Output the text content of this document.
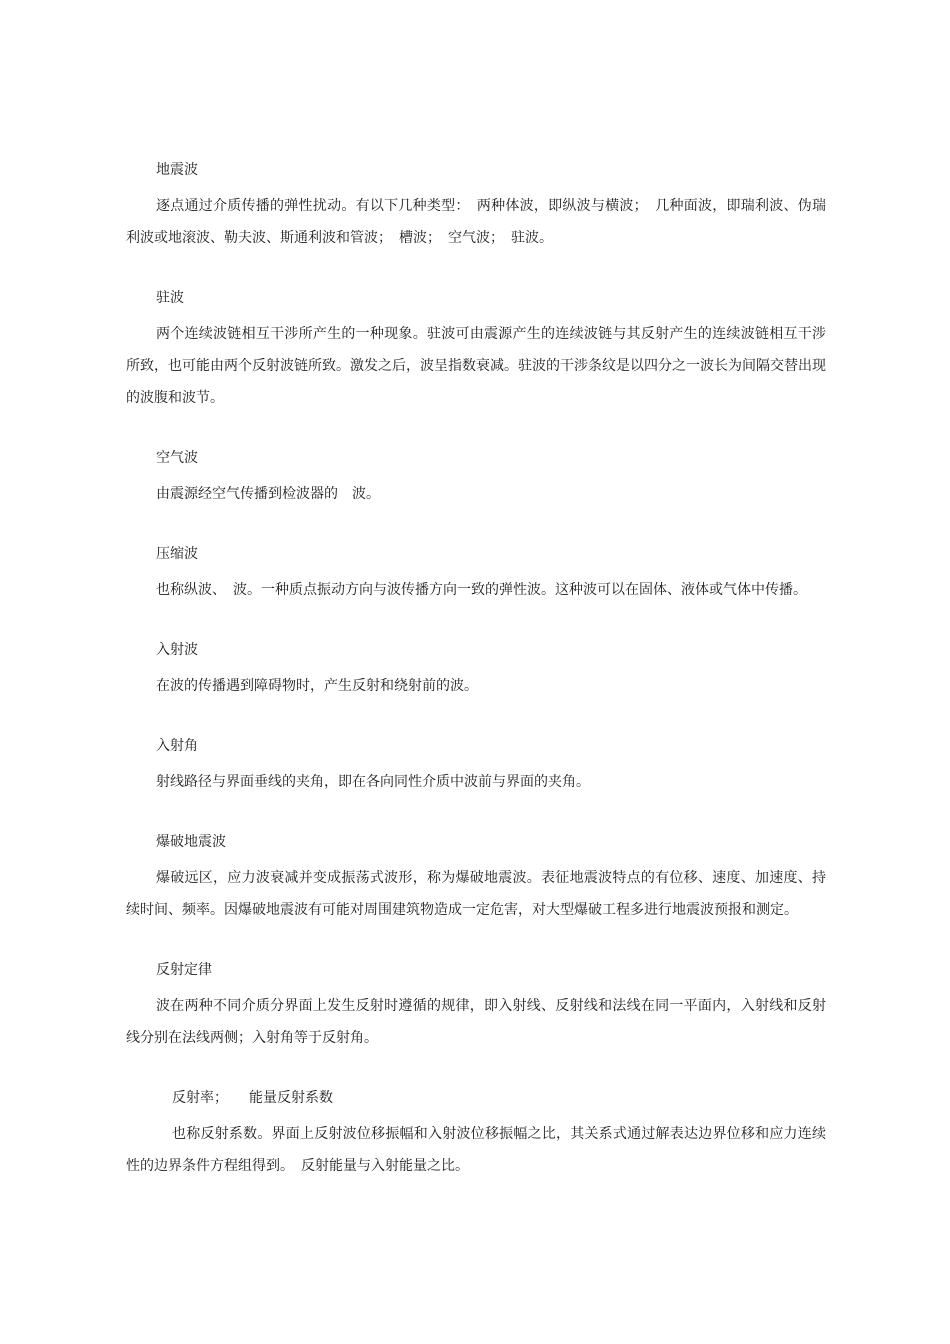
地震波

逐点通过介质传播的弹性扰动。有以下几种类型：　两种体波，即纵波与横波；　几种面波，即瑞利波、伪瑞利波或地滚波、勒夫波、斯通利波和管波；　槽波；　空气波；　驻波。

驻波

两个连续波链相互干涉所产生的一种现象。驻波可由震源产生的连续波链与其反射产生的连续波链相互干涉所致，也可能由两个反射波链所致。激发之后，波呈指数衰减。驻波的干涉条纹是以四分之一波长为间隔交替出现的波腹和波节。

空气波

由震源经空气传播到检波器的　波。

压缩波

也称纵波、　波。一种质点振动方向与波传播方向一致的弹性波。这种波可以在固体、液体或气体中传播。

入射波

在波的传播遇到障碍物时，产生反射和绕射前的波。

入射角

射线路径与界面垂线的夹角，即在各向同性介质中波前与界面的夹角。

爆破地震波

爆破远区，应力波衰减并变成振荡式波形，称为爆破地震波。表征地震波特点的有位移、速度、加速度、持续时间、频率。因爆破地震波有可能对周围建筑物造成一定危害，对大型爆破工程多进行地震波预报和测定。

反射定律

波在两种不同介质分界面上发生反射时遵循的规律，即入射线、反射线和法线在同一平面内，入射线和反射线分别在法线两侧；入射角等于反射角。

反射率；　　能量反射系数

也称反射系数。界面上反射波位移振幅和入射波位移振幅之比，其关系式通过解表达边界位移和应力连续性的边界条件方程组得到。　反射能量与入射能量之比。
